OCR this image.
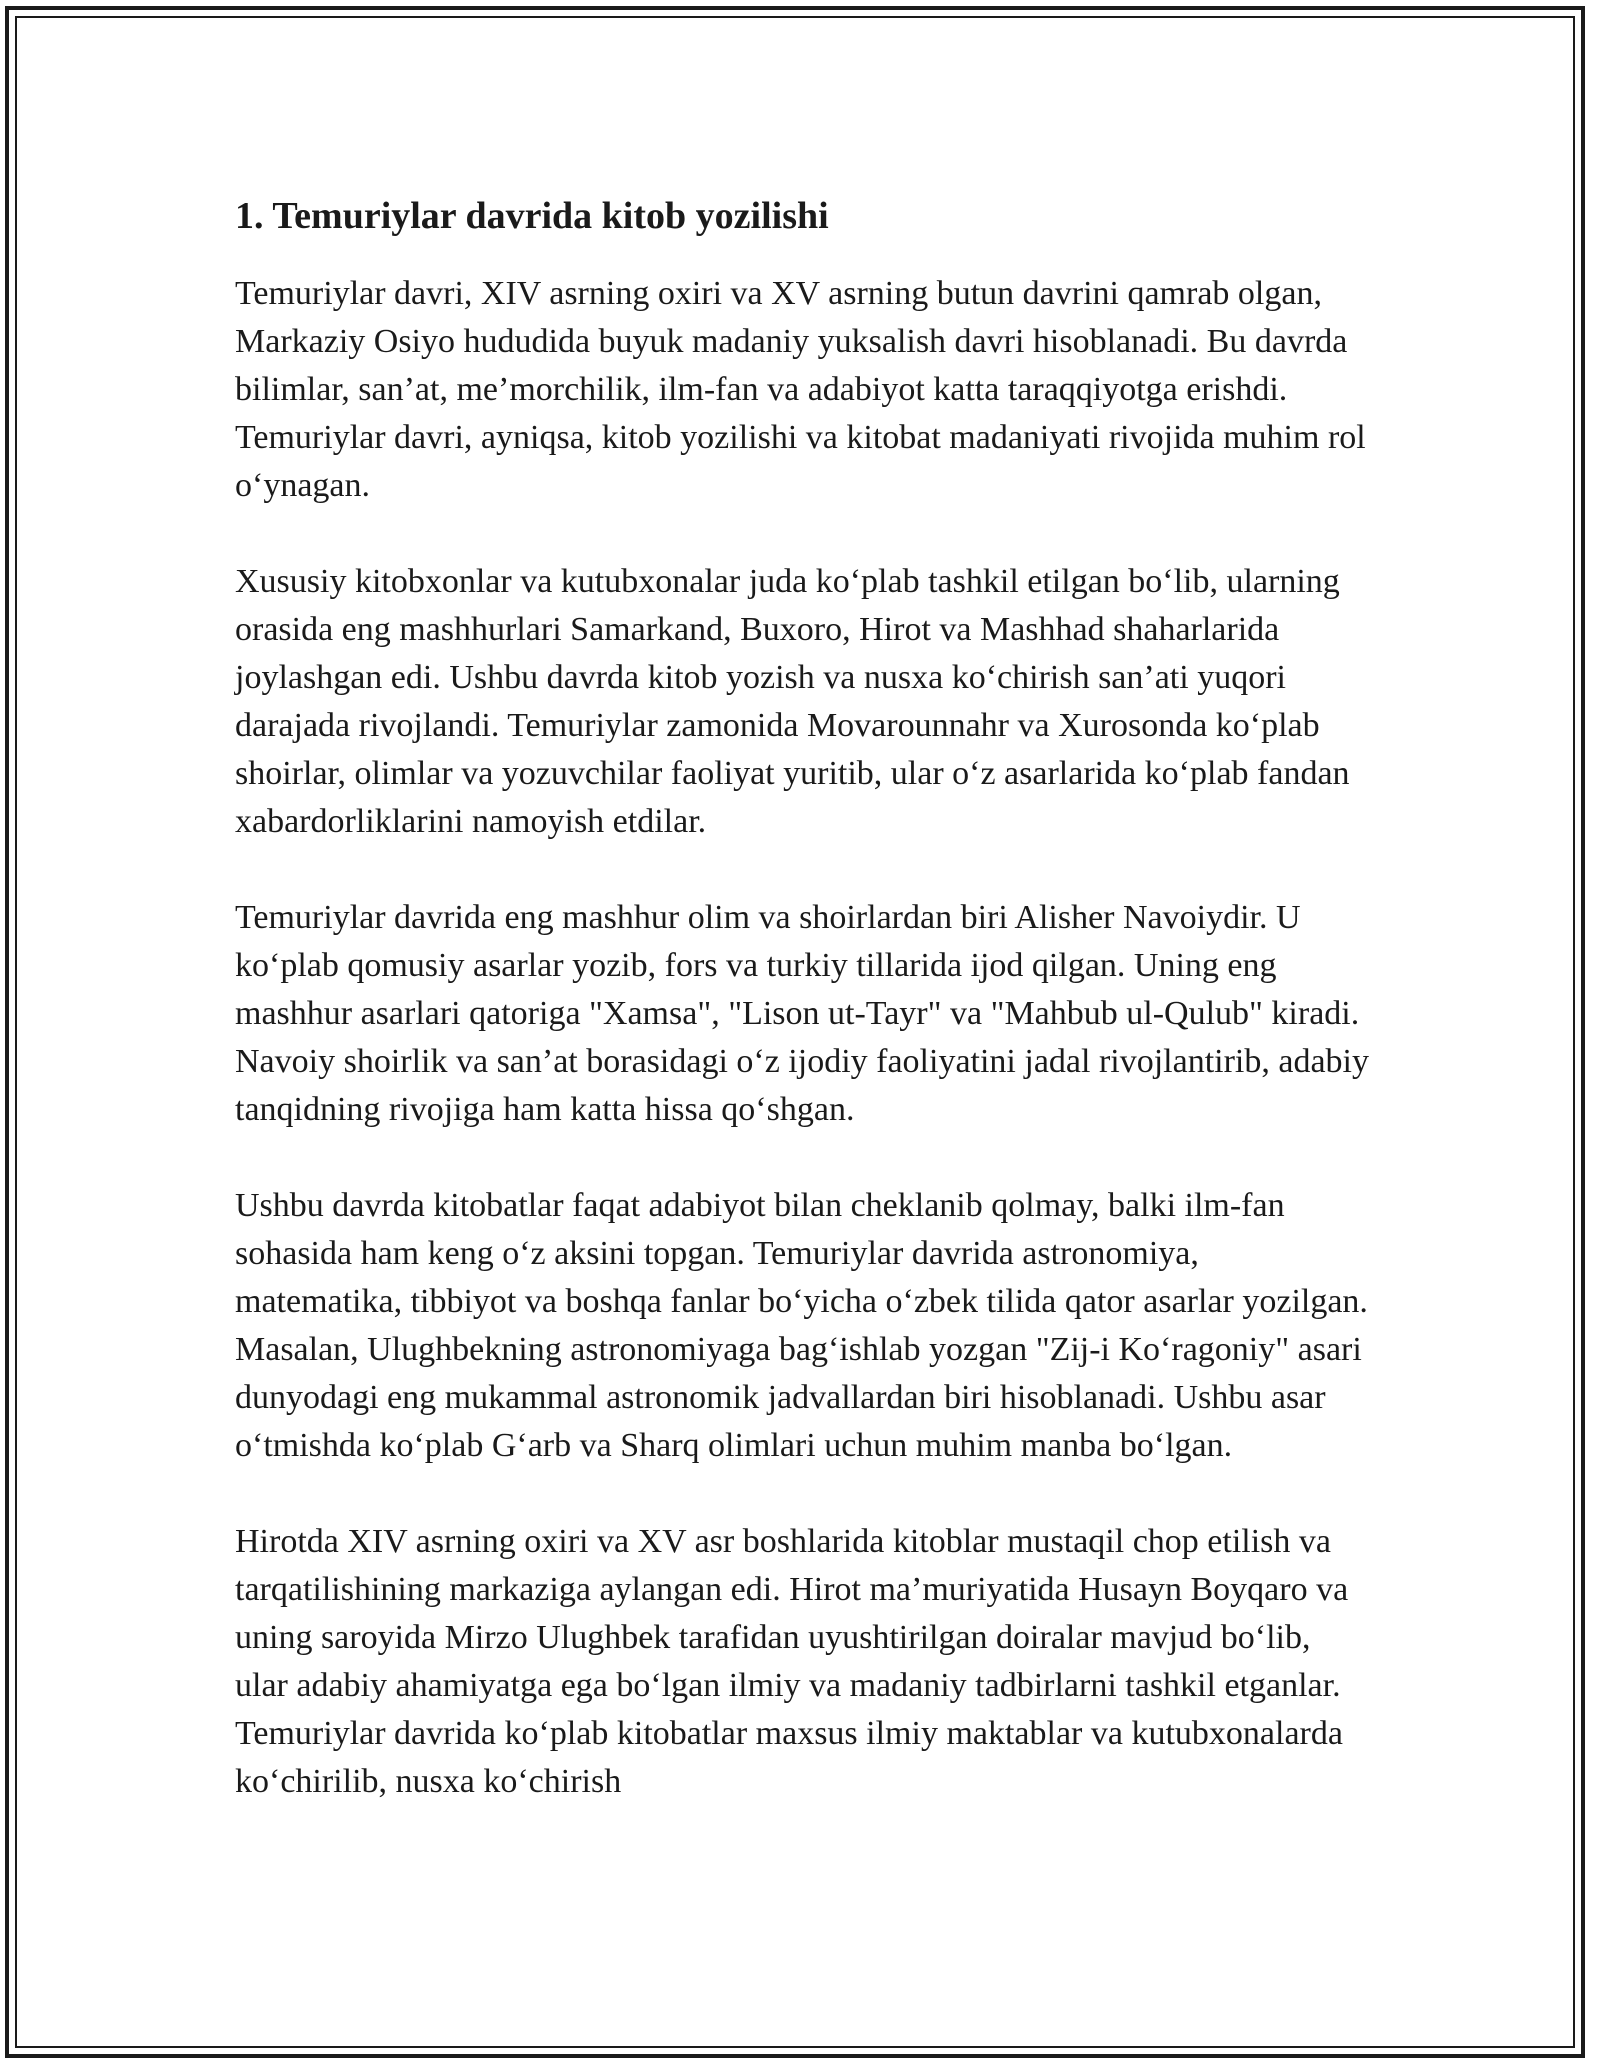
1. Temuriylar davrida kitob yozilishi

Temuriylar davri, XIV asrning oxiri va XV asrning butun davrini qamrab olgan, Markaziy Osiyo hududida buyuk madaniy yuksalish davri hisoblanadi. Bu davrda bilimlar, san’at, me’morchilik, ilm-fan va adabiyot katta taraqqiyotga erishdi. Temuriylar davri, ayniqsa, kitob yozilishi va kitobat madaniyati rivojida muhim rol o‘ynagan.

Xususiy kitobxonlar va kutubxonalar juda ko‘plab tashkil etilgan bo‘lib, ularning orasida eng mashhurlari Samarkand, Buxoro, Hirot va Mashhad shaharlarida joylashgan edi. Ushbu davrda kitob yozish va nusxa ko‘chirish san’ati yuqori darajada rivojlandi. Temuriylar zamonida Movarounnahr va Xurosonda ko‘plab shoirlar, olimlar va yozuvchilar faoliyat yuritib, ular o‘z asarlarida ko‘plab fandan xabardorliklarini namoyish etdilar.

Temuriylar davrida eng mashhur olim va shoirlardan biri Alisher Navoiydir. U ko‘plab qomusiy asarlar yozib, fors va turkiy tillarida ijod qilgan. Uning eng mashhur asarlari qatoriga "Xamsa", "Lison ut-Tayr" va "Mahbub ul-Qulub" kiradi. Navoiy shoirlik va san’at borasidagi o‘z ijodiy faoliyatini jadal rivojlantirib, adabiy tanqidning rivojiga ham katta hissa qo‘shgan.

Ushbu davrda kitobatlar faqat adabiyot bilan cheklanib qolmay, balki ilm-fan sohasida ham keng o‘z aksini topgan. Temuriylar davrida astronomiya, matematika, tibbiyot va boshqa fanlar bo‘yicha o‘zbek tilida qator asarlar yozilgan. Masalan, Ulughbekning astronomiyaga bag‘ishlab yozgan "Zij-i Ko‘ragoniy" asari dunyodagi eng mukammal astronomik jadvallardan biri hisoblanadi. Ushbu asar o‘tmishda ko‘plab G‘arb va Sharq olimlari uchun muhim manba bo‘lgan.

Hirotda XIV asrning oxiri va XV asr boshlarida kitoblar mustaqil chop etilish va tarqatilishining markaziga aylangan edi. Hirot ma’muriyatida Husayn Boyqaro va uning saroyida Mirzo Ulughbek tarafidan uyushtirilgan doiralar mavjud bo‘lib, ular adabiy ahamiyatga ega bo‘lgan ilmiy va madaniy tadbirlarni tashkil etganlar. Temuriylar davrida ko‘plab kitobatlar maxsus ilmiy maktablar va kutubxonalarda ko‘chirilib, nusxa ko‘chirish
